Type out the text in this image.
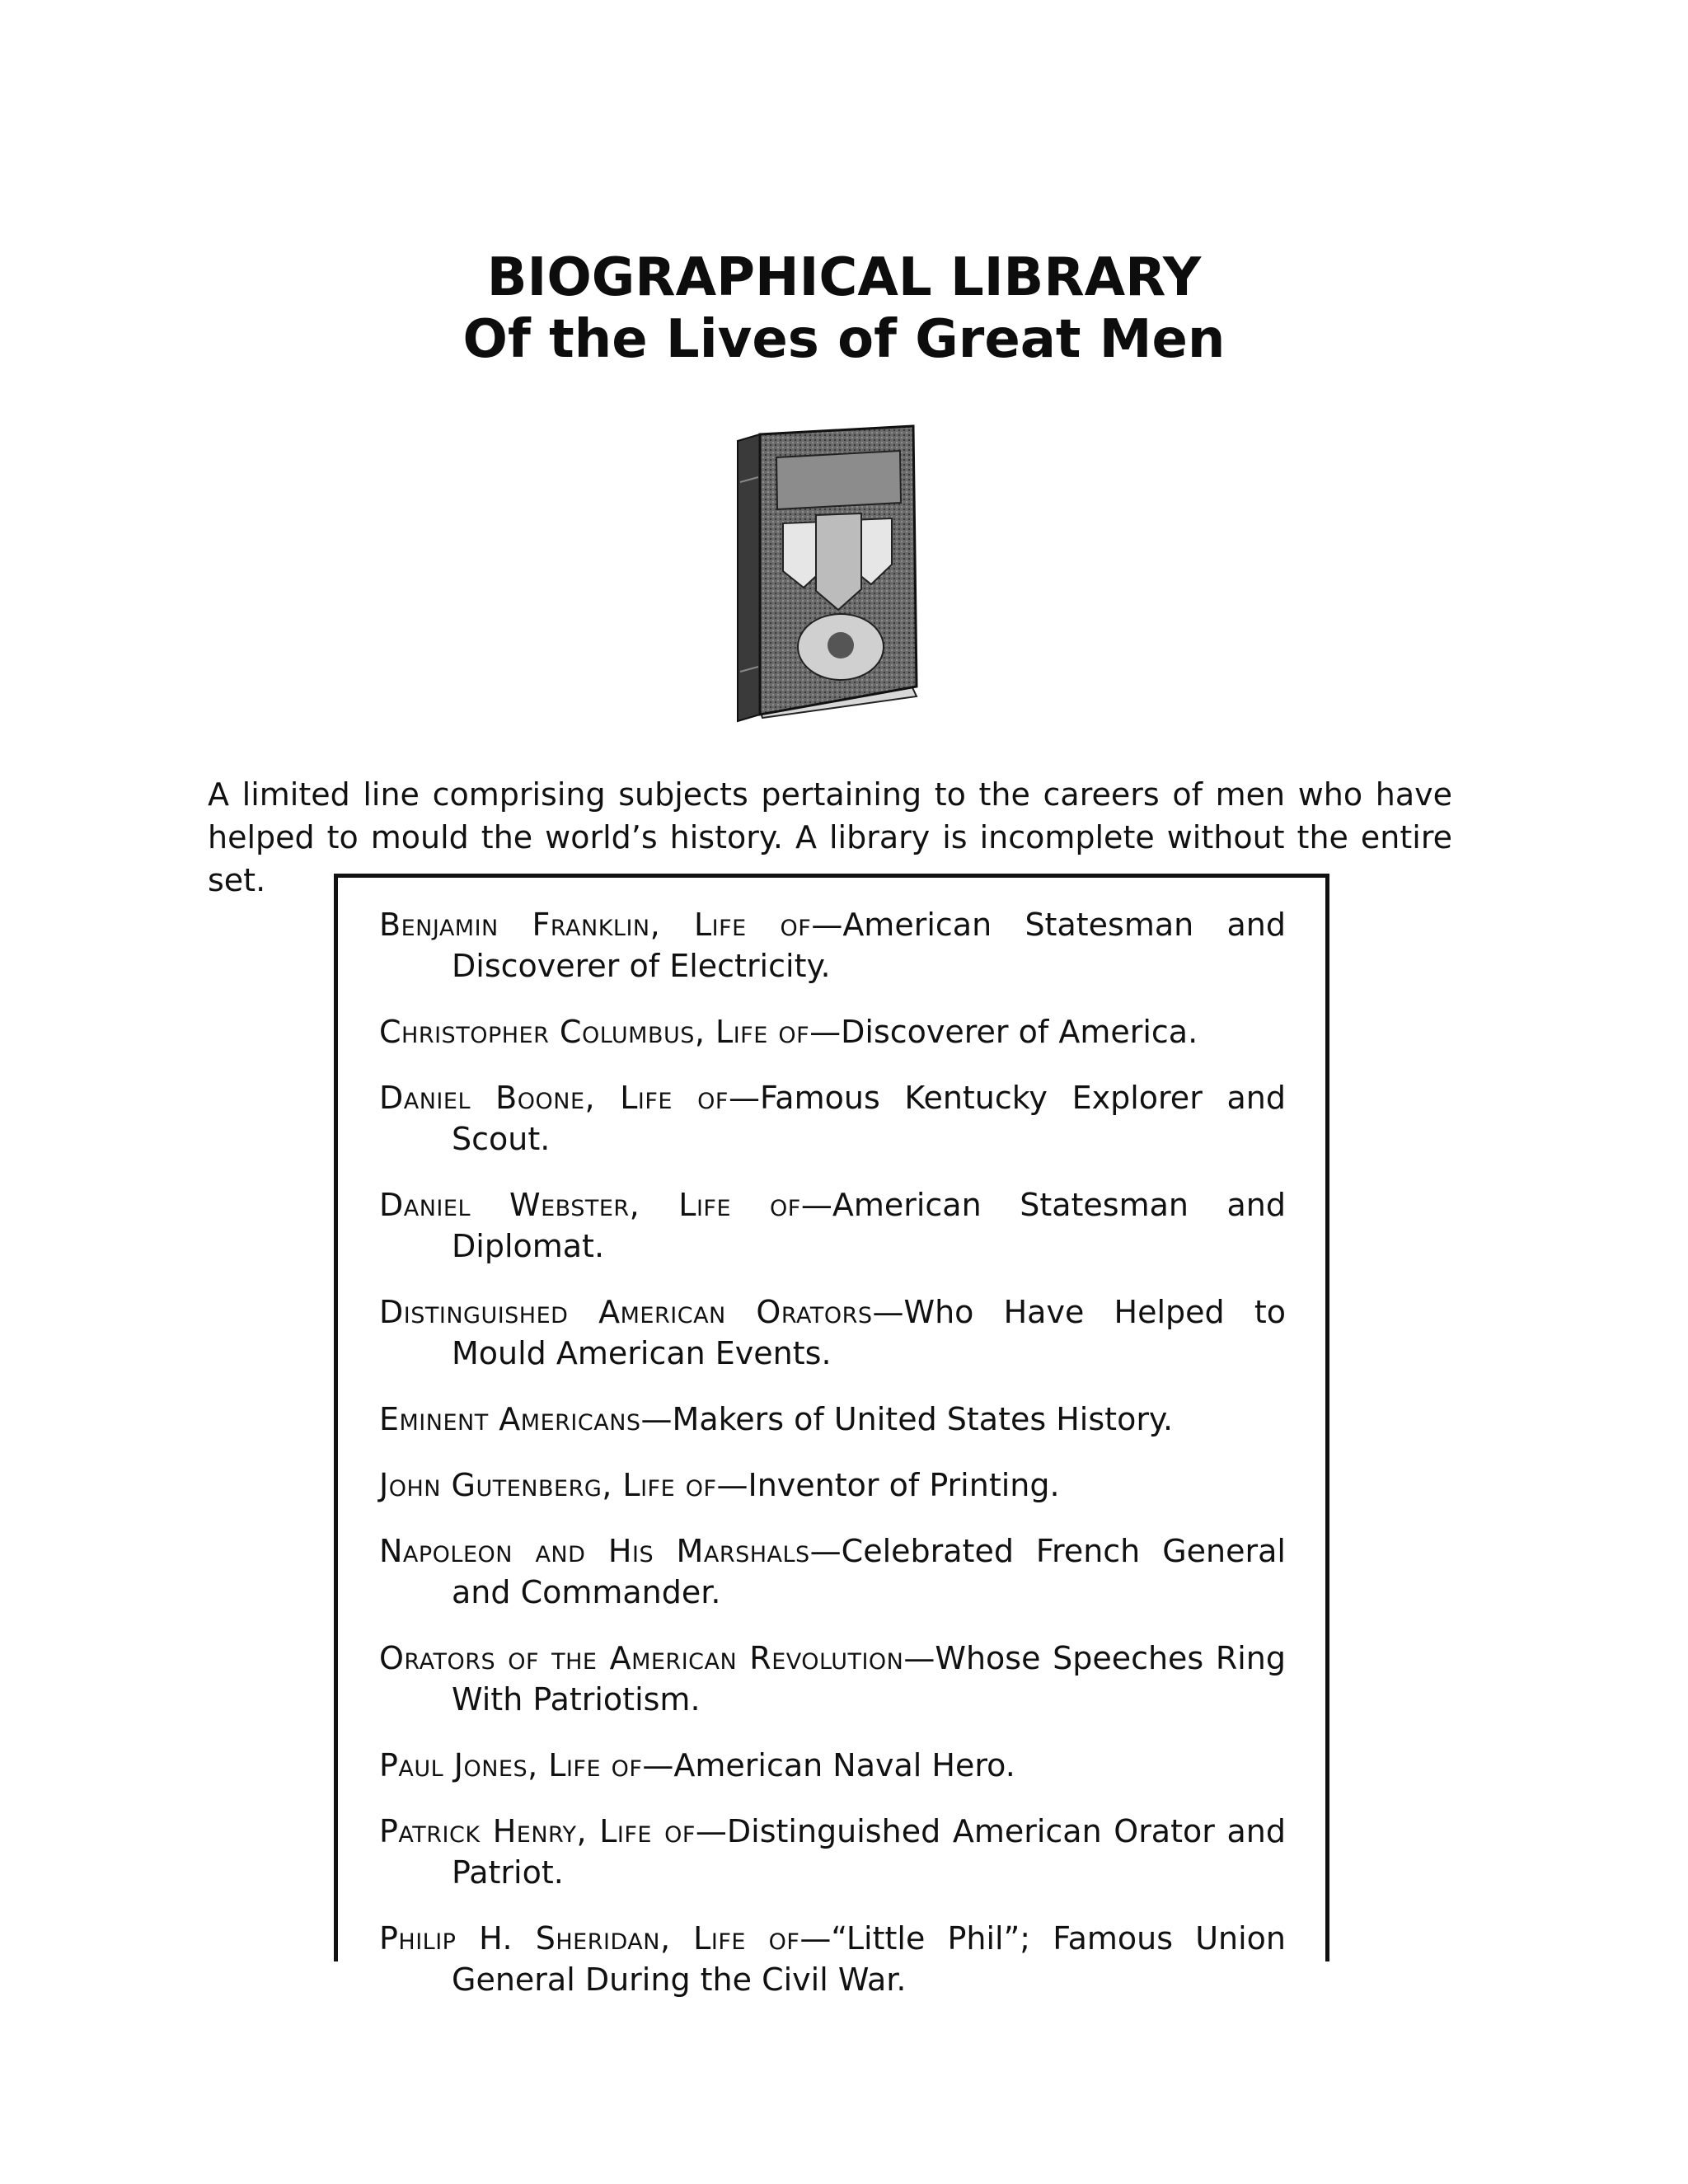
BIOGRAPHICAL LIBRARY
Of the Lives of Great Men
A limited line comprising subjects pertaining to the careers of men who have helped to mould the world’s history. A library is incomplete without the entire set.
Benjamin Franklin, Life of—American Statesman and Discoverer of Electricity.
Christopher Columbus, Life of—Discoverer of America.
Daniel Boone, Life of—Famous Kentucky Explorer and Scout.
Daniel Webster, Life of—American Statesman and Diplomat.
Distinguished American Orators—Who Have Helped to Mould American Events.
Eminent Americans—Makers of United States History.
John Gutenberg, Life of—Inventor of Printing.
Napoleon and His Marshals—Celebrated French General and Commander.
Orators of the American Revolution—Whose Speeches Ring With Patriotism.
Paul Jones, Life of—American Naval Hero.
Patrick Henry, Life of—Distinguished American Orator and Patriot.
Philip H. Sheridan, Life of—“Little Phil”; Famous Union General During the Civil War.
